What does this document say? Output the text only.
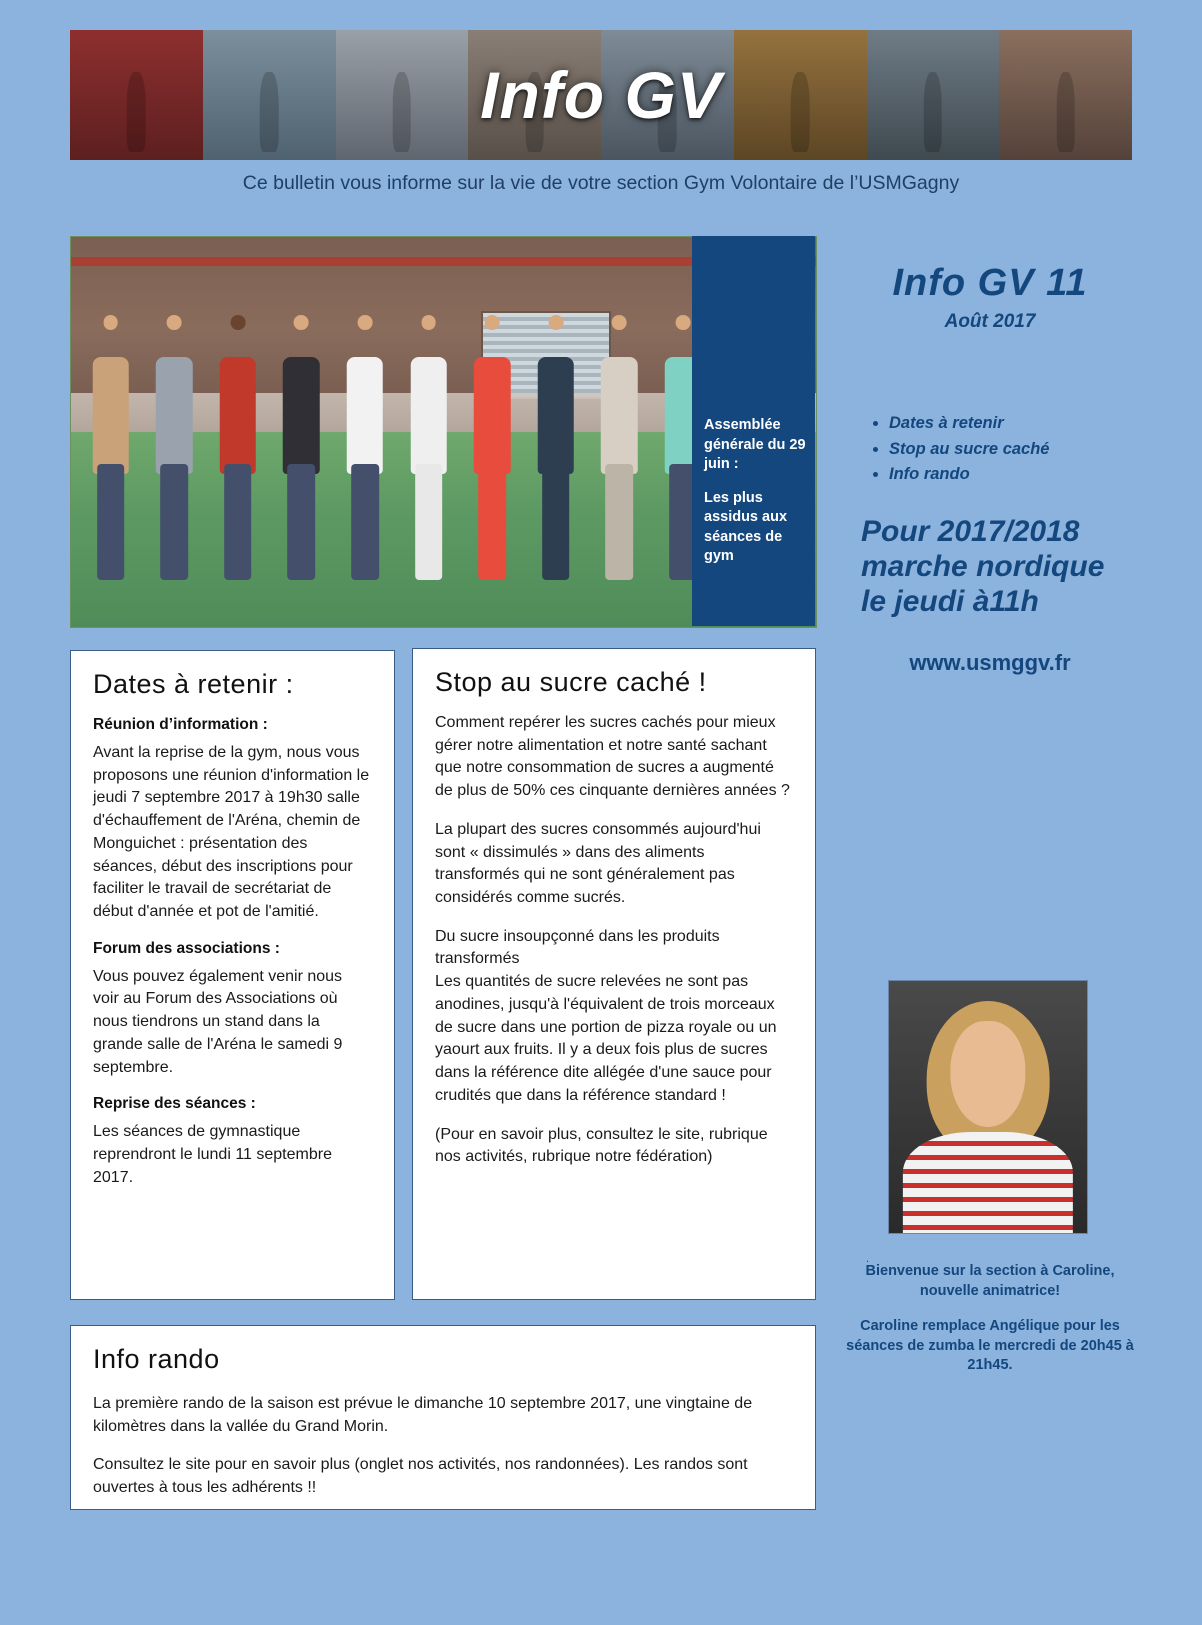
Info GV
Ce bulletin vous informe sur la vie de votre section Gym Volontaire de l’USMGagny

Assemblée générale du 29 juin :

Les plus assidus aux séances de gym

Info GV 11
Août 2017
• Dates à retenir
• Stop au sucre caché
• Info rando
Pour 2017/2018 marche nordique le jeudi à11h
www.usmggv.fr
.

Bienvenue sur la section à Caroline, nouvelle animatrice!

Caroline remplace Angélique pour les séances de zumba le mercredi de 20h45 à 21h45.

Dates à retenir :
Réunion d’information :

Avant la reprise de la gym, nous vous proposons une réunion d'information le jeudi 7 septembre 2017 à 19h30 salle d'échauffement de l'Aréna, chemin de Monguichet : présentation des séances, début des inscriptions pour faciliter le travail de secrétariat de début d'année et pot de l'amitié.

Forum des associations :

Vous pouvez également venir nous voir au Forum des Associations où nous tiendrons un stand dans la grande salle de l'Aréna le samedi 9 septembre.

Reprise des séances :

Les séances de gymnastique reprendront le lundi 11 septembre 2017.

Stop au sucre caché !

Comment repérer les sucres cachés pour mieux gérer notre alimentation et notre santé sachant que notre consommation de sucres a augmenté de plus de 50% ces cinquante dernières années ?

La plupart des sucres consommés aujourd'hui sont « dissimulés » dans des aliments transformés qui ne sont généralement pas considérés comme sucrés.

Du sucre insoupçonné dans les produits transformés

Les quantités de sucre relevées ne sont pas anodines, jusqu'à l'équivalent de trois morceaux de sucre dans une portion de pizza royale ou un yaourt aux fruits. Il y a deux fois plus de sucres dans la référence dite allégée d'une sauce pour crudités que dans la référence standard !

(Pour en savoir plus, consultez le site, rubrique nos activités, rubrique notre fédération)

Info rando

La première rando de la saison est prévue le dimanche 10 septembre 2017, une vingtaine de kilomètres dans la vallée du Grand Morin.

Consultez le site pour en savoir plus (onglet nos activités, nos randonnées). Les randos sont ouvertes à tous les adhérents !!
